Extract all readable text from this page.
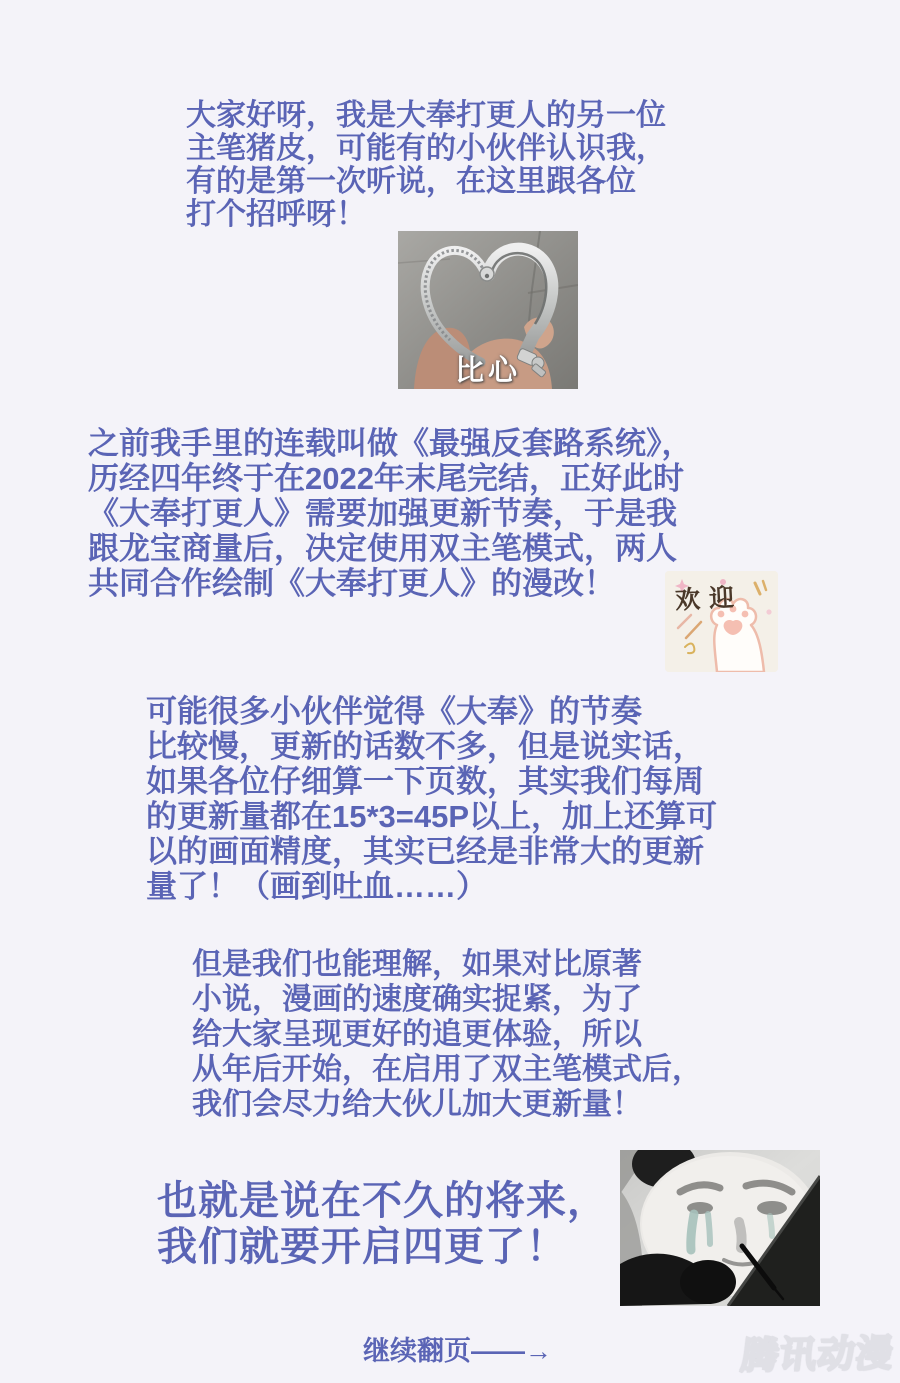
大家好呀，我是大奉打更人的另一位
主笔猪皮，可能有的小伙伴认识我，
有的是第一次听说，在这里跟各位
打个招呼呀！
比心
之前我手里的连载叫做《最强反套路系统》，
历经四年终于在2022年末尾完结，正好此时
《大奉打更人》需要加强更新节奏，于是我
跟龙宝商量后，决定使用双主笔模式，两人
共同合作绘制《大奉打更人》的漫改！	欢迎
可能很多小伙伴觉得《大奉》的节奏
比较慢，更新的话数不多，但是说实话，
如果各位仔细算一下页数，其实我们每周
的更新量都在15*3=45P以上，加上还算可
以的画面精度，其实已经是非常大的更新
量了！（画到吐血……）
但是我们也能理解，如果对比原著
小说，漫画的速度确实捉紧，为了
给大家呈现更好的追更体验，所以
从年后开始，在启用了双主笔模式后，
我们会尽力给大伙儿加大更新量！
也就是说在不久的将来，
我们就要开启四更了！
继续翻页——→	腾讯动漫
